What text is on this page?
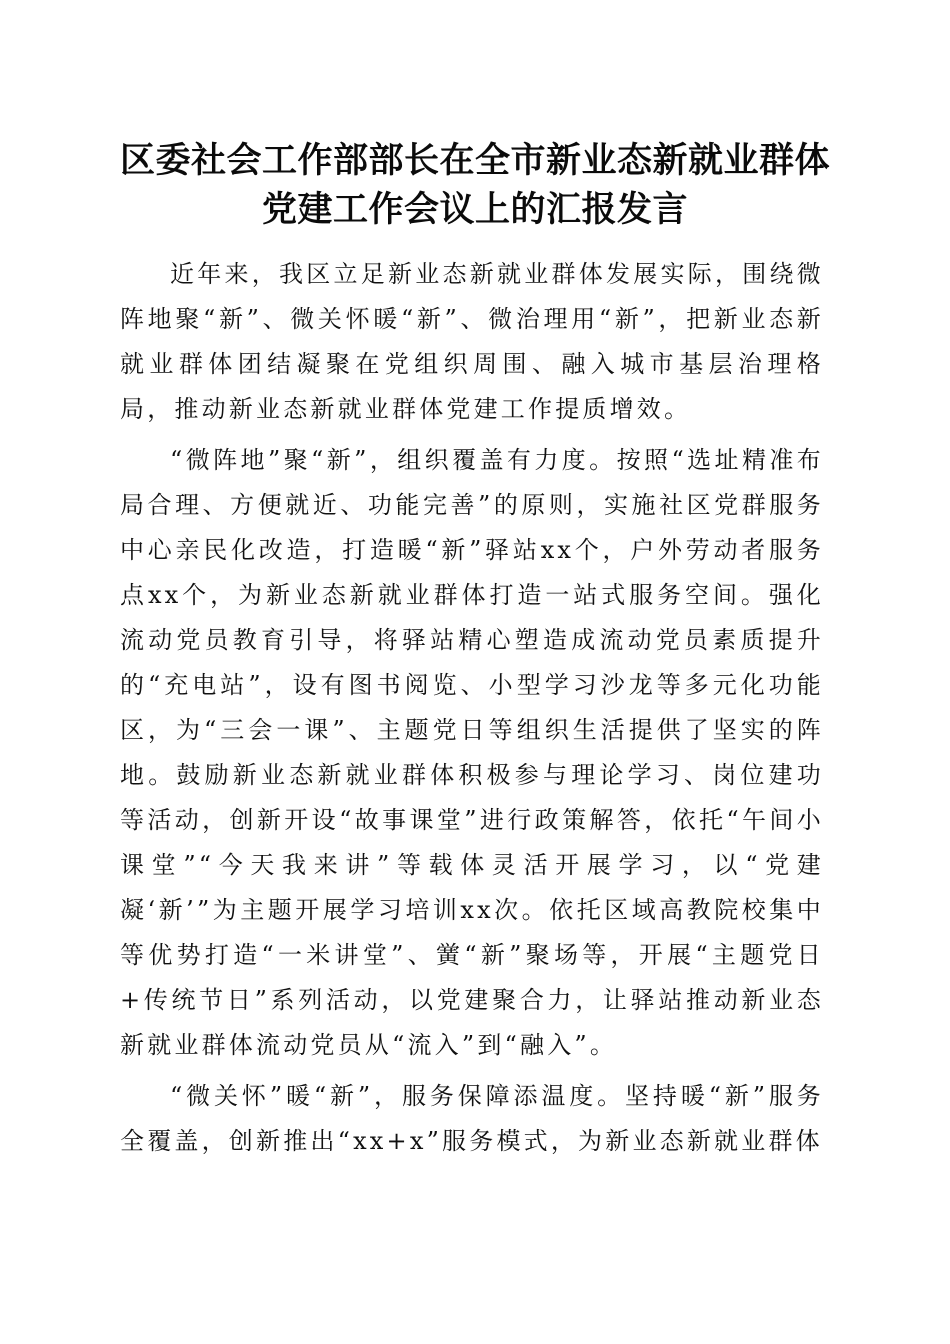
区委社会工作部部长在全市新业态新就业群体
党建工作会议上的汇报发言

近年来，我区立足新业态新就业群体发展实际，围绕微阵地聚“新”、微关怀暖“新”、微治理用“新”，把新业态新就业群体团结凝聚在党组织周围、融入城市基层治理格局，推动新业态新就业群体党建工作提质增效。

“微阵地”聚“新”，组织覆盖有力度。按照“选址精准布局合理、方便就近、功能完善”的原则，实施社区党群服务中心亲民化改造，打造暖“新”驿站xx个，户外劳动者服务点xx个，为新业态新就业群体打造一站式服务空间。强化流动党员教育引导，将驿站精心塑造成流动党员素质提升的“充电站”，设有图书阅览、小型学习沙龙等多元化功能区，为“三会一课”、主题党日等组织生活提供了坚实的阵地。鼓励新业态新就业群体积极参与理论学习、岗位建功等活动，创新开设“故事课堂”进行政策解答，依托“午间小课堂”“今天我来讲”等载体灵活开展学习，以“党建凝‘新’”为主题开展学习培训xx次。依托区域高教院校集中等优势打造“一米讲堂”、黉“新”聚场等，开展“主题党日+传统节日”系列活动，以党建聚合力，让驿站推动新业态新就业群体流动党员从“流入”到“融入”。

“微关怀”暖“新”，服务保障添温度。坚持暖“新”服务全覆盖，创新推出“xx+x”服务模式，为新业态新就业群体
